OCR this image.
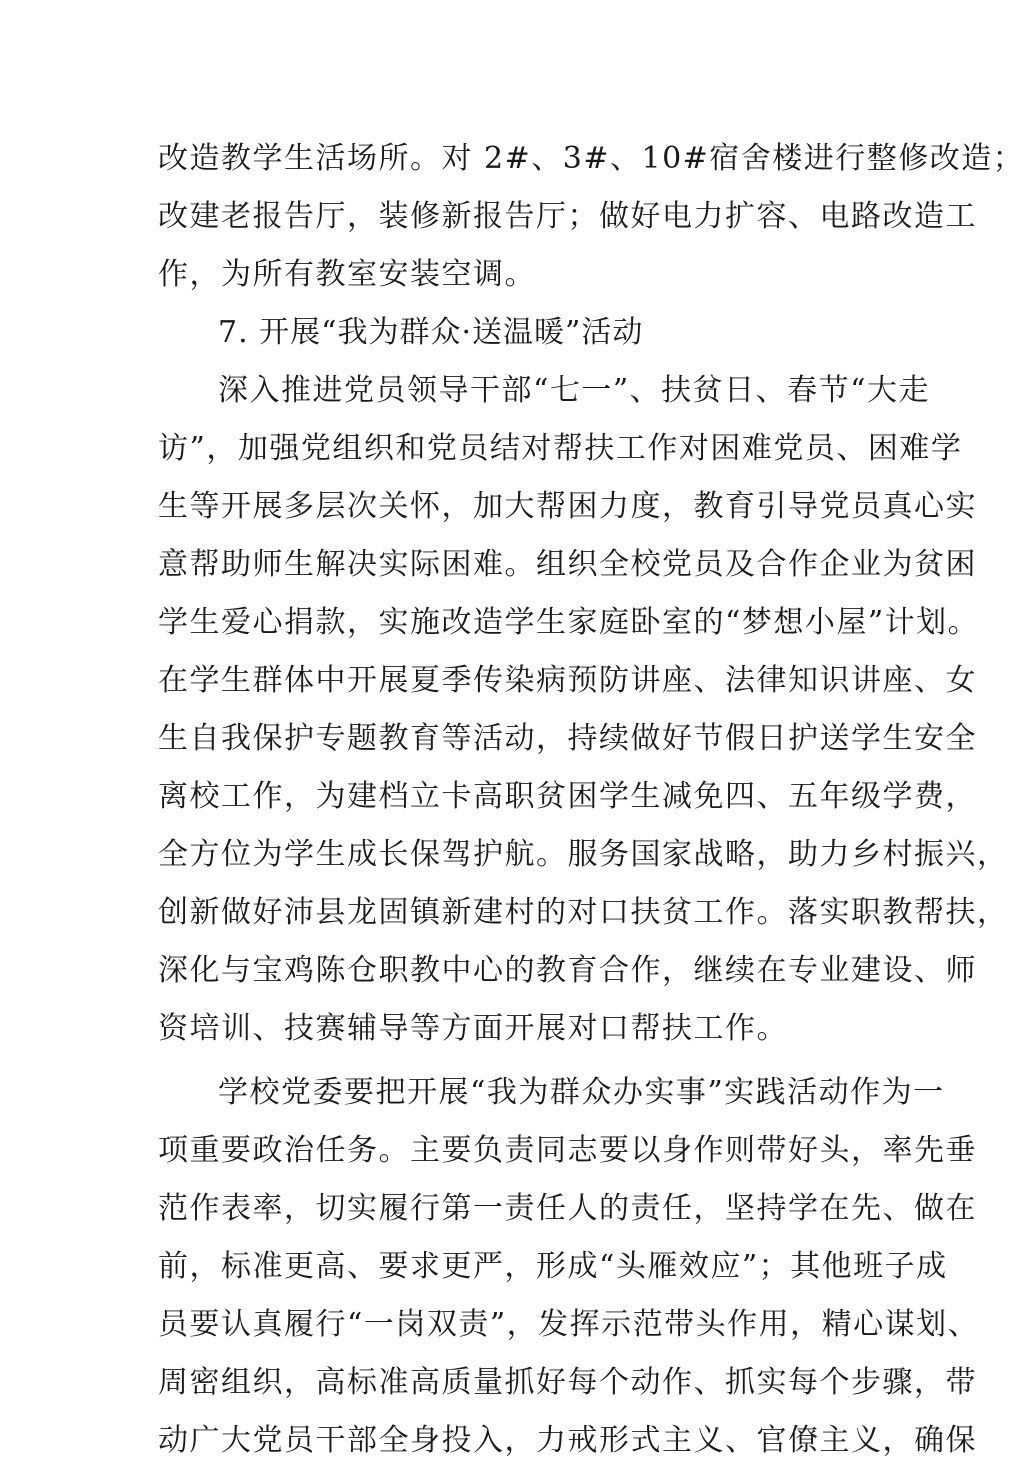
改造教学生活场所。对 2#、3#、10#宿舍楼进行整修改造；
改建老报告厅，装修新报告厅；做好电力扩容、电路改造工
作，为所有教室安装空调。
7. 开展“我为群众·送温暖”活动
深入推进党员领导干部“七一”、扶贫日、春节“大走
访”，加强党组织和党员结对帮扶工作对困难党员、困难学
生等开展多层次关怀，加大帮困力度，教育引导党员真心实
意帮助师生解决实际困难。组织全校党员及合作企业为贫困
学生爱心捐款，实施改造学生家庭卧室的“梦想小屋”计划。
在学生群体中开展夏季传染病预防讲座、法律知识讲座、女
生自我保护专题教育等活动，持续做好节假日护送学生安全
离校工作，为建档立卡高职贫困学生减免四、五年级学费，
全方位为学生成长保驾护航。服务国家战略，助力乡村振兴，
创新做好沛县龙固镇新建村的对口扶贫工作。落实职教帮扶，
深化与宝鸡陈仓职教中心的教育合作，继续在专业建设、师
资培训、技赛辅导等方面开展对口帮扶工作。
学校党委要把开展“我为群众办实事”实践活动作为一
项重要政治任务。主要负责同志要以身作则带好头，率先垂
范作表率，切实履行第一责任人的责任，坚持学在先、做在
前，标准更高、要求更严，形成“头雁效应”；其他班子成
员要认真履行“一岗双责”，发挥示范带头作用，精心谋划、
周密组织，高标准高质量抓好每个动作、抓实每个步骤，带
动广大党员干部全身投入，力戒形式主义、官僚主义，确保
